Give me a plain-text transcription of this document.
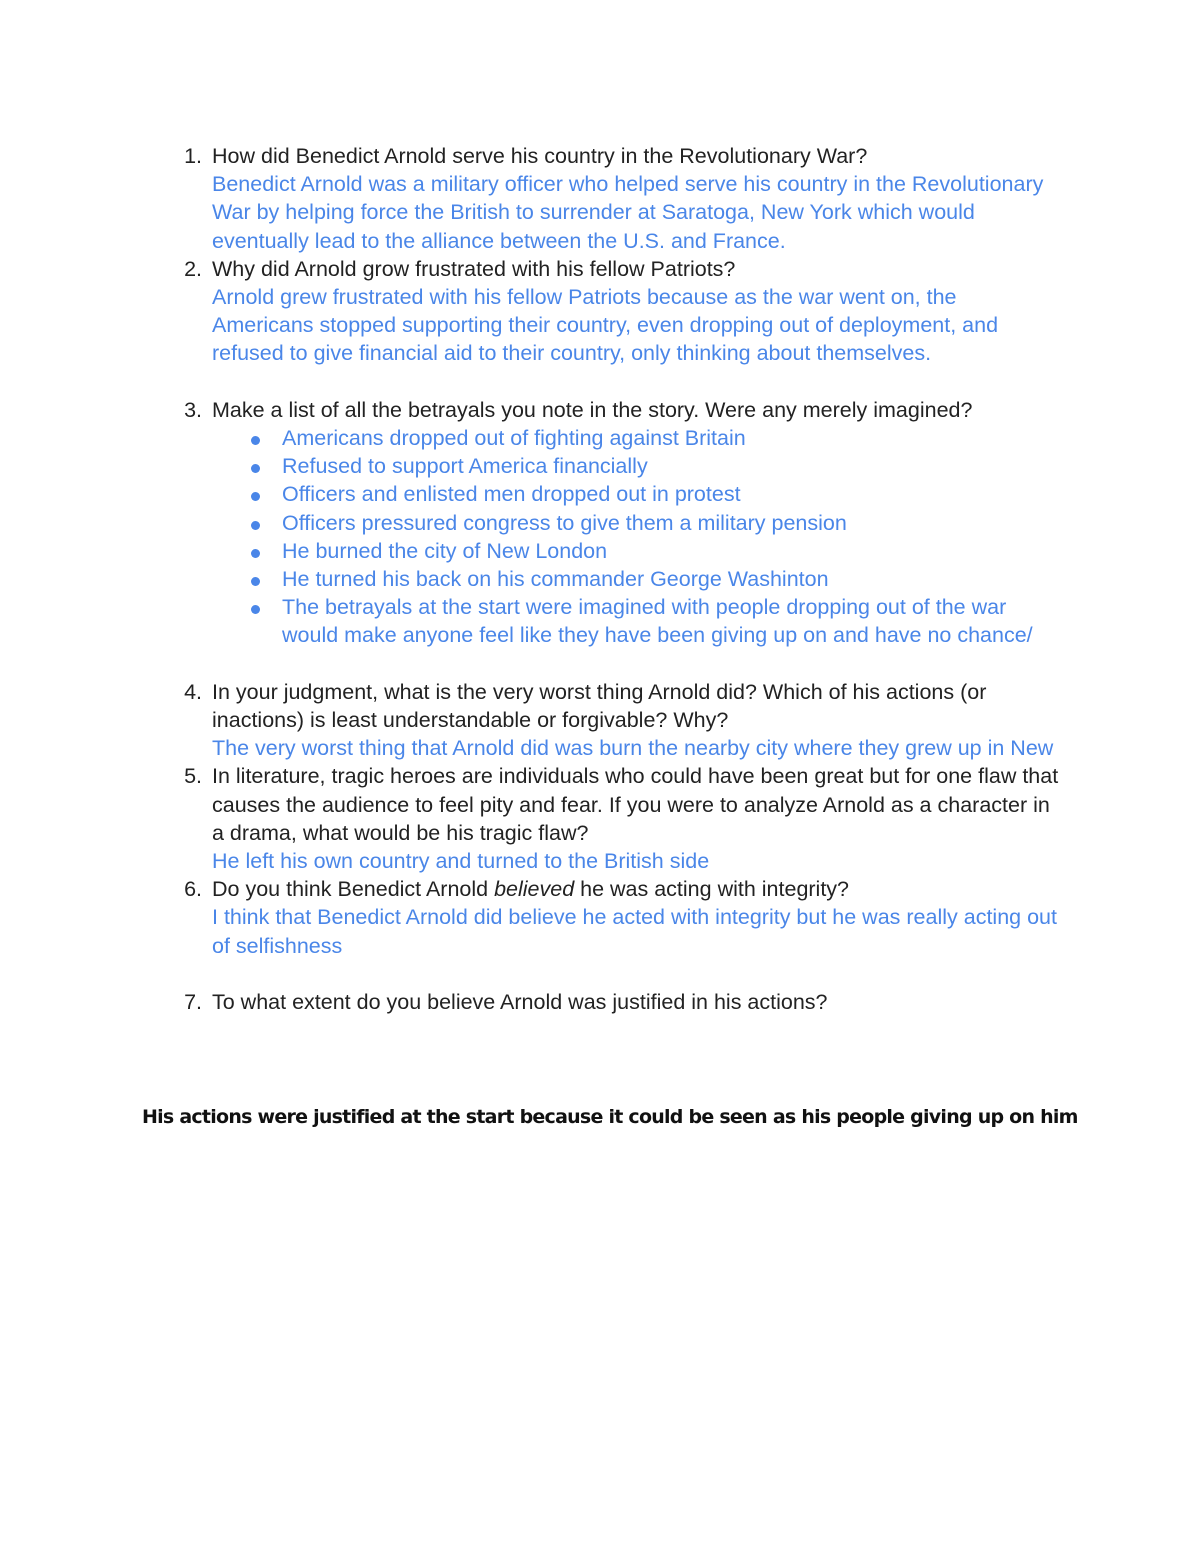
1. How did Benedict Arnold serve his country in the Revolutionary War?
Benedict Arnold was a military officer who helped serve his country in the Revolutionary War by helping force the British to surrender at Saratoga, New York which would eventually lead to the alliance between the U.S. and France.
2. Why did Arnold grow frustrated with his fellow Patriots?
Arnold grew frustrated with his fellow Patriots because as the war went on, the Americans stopped supporting their country, even dropping out of deployment, and refused to give financial aid to their country, only thinking about themselves.
3. Make a list of all the betrayals you note in the story. Were any merely imagined?
Americans dropped out of fighting against Britain
Refused to support America financially
Officers and enlisted men dropped out in protest
Officers pressured congress to give them a military pension
He burned the city of New London
He turned his back on his commander George Washinton
The betrayals at the start were imagined with people dropping out of the war would make anyone feel like they have been giving up on and have no chance/
4. In your judgment, what is the very worst thing Arnold did? Which of his actions (or inactions) is least understandable or forgivable? Why?
The very worst thing that Arnold did was burn the nearby city where they grew up in New
5. In literature, tragic heroes are individuals who could have been great but for one flaw that causes the audience to feel pity and fear. If you were to analyze Arnold as a character in a drama, what would be his tragic flaw?
He left his own country and turned to the British side
6. Do you think Benedict Arnold believed he was acting with integrity?
I think that Benedict Arnold did believe he acted with integrity but he was really acting out of selfishness
7. To what extent do you believe Arnold was justified in his actions?
His actions were justified at the start because it could be seen as his people giving up on him
